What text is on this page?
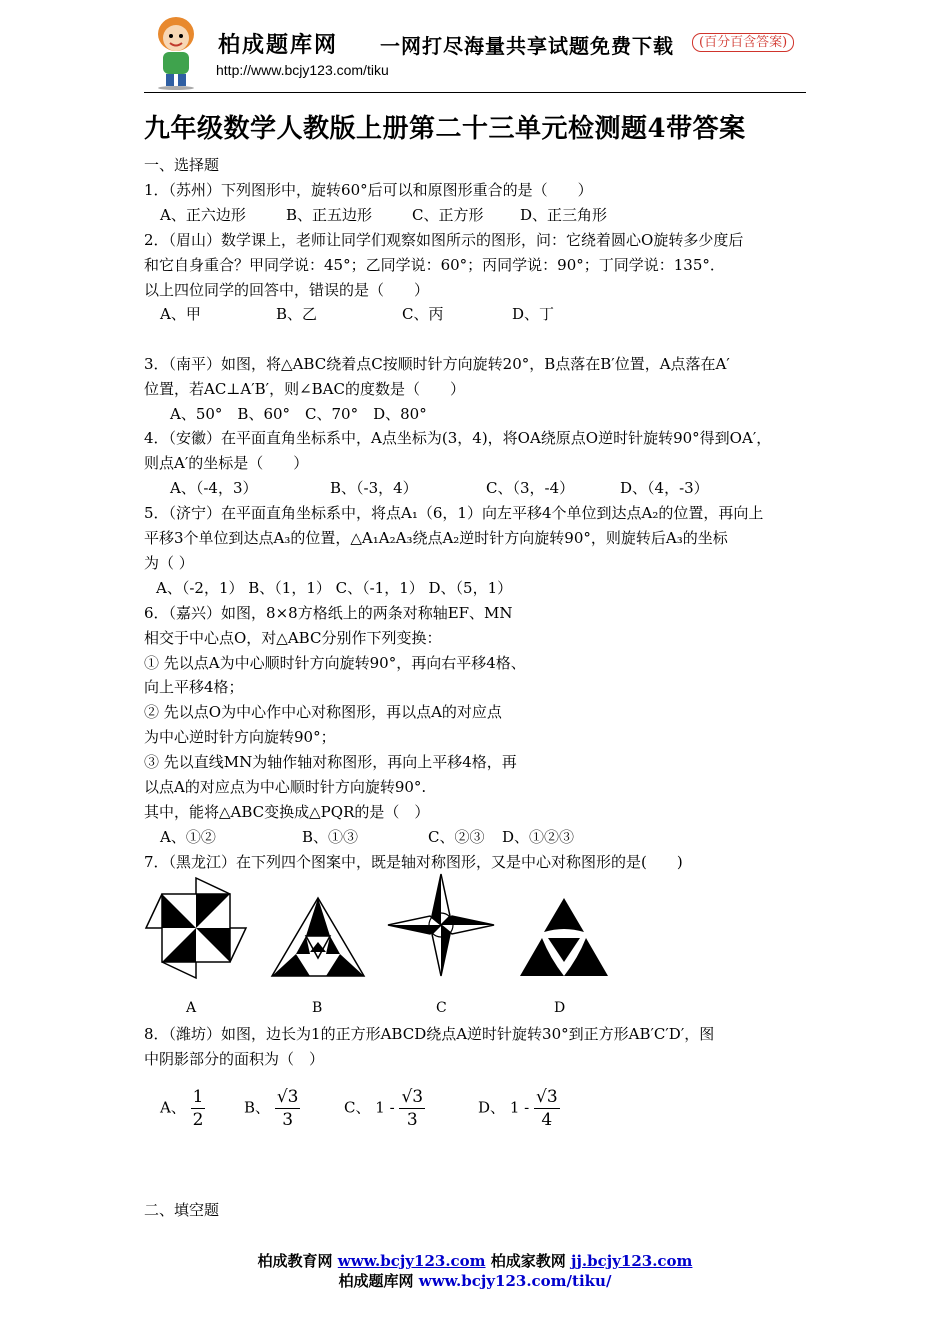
柏成题库网 一网打尽海量共享试题免费下载	(百分百含答案)
http://www.bcjy123.com/tiku
九年级数学人教版上册第二十三单元检测题4带答案
一、选择题
1．（苏州）下列图形中，旋转60°后可以和原图形重合的是（　　）
A、正六边形	B、正五边形	C、正方形 D、正三角形
2．（眉山）数学课上，老师让同学们观察如图所示的图形，问：它绕着圆心O旋转多少度后
和它自身重合？甲同学说：45°；乙同学说：60°；丙同学说：90°；丁同学说：135°．
以上四位同学的回答中，错误的是（　　）
A、甲	B、乙	C、丙	D、丁
3．（南平）如图，将△ABC绕着点C按顺时针方向旋转20°，B点落在B′位置，A点落在A′
位置，若AC⊥A′B′，则∠BAC的度数是（　　）
A、50°　B、60°　C、70°　D、80°
4．（安徽）在平面直角坐标系中，A点坐标为(3，4)，将OA绕原点O逆时针旋转90°得到OA′，
则点A′的坐标是（　　）
A、（-4，3）	B、（-3，4）	C、（3，-4）	D、（4，-3）
5．（济宁）在平面直角坐标系中，将点A₁（6，1）向左平移4个单位到达点A₂的位置，再向上
平移3个单位到达点A₃的位置，△A₁A₂A₃绕点A₂逆时针方向旋转90°，则旋转后A₃的坐标
为（ ）
A、（-2，1） B、（1，1） C、（-1，1） D、（5，1）
6．（嘉兴）如图，8×8方格纸上的两条对称轴EF、MN
相交于中心点O，对△ABC分别作下列变换：
① 先以点A为中心顺时针方向旋转90°，再向右平移4格、
向上平移4格；
② 先以点O为中心作中心对称图形，再以点A的对应点
为中心逆时针方向旋转90°；
③ 先以直线MN为轴作轴对称图形，再向上平移4格，再
以点A的对应点为中心顺时针方向旋转90°.
其中，能将△ABC变换成△PQR的是（　）
A、①②	B、①③	C、②③ D、①②③
7．（黑龙江）在下列四个图案中，既是轴对称图形，又是中心对称图形的是(　　)
A	B	C	D
8．（潍坊）如图，边长为1的正方形ABCD绕点A逆时针旋转30°到正方形AB′C′D′，图
中阴影部分的面积为（　）
A、 $\frac{1}{2}$	B、 $\frac{√3}{3}$	C、 $1 - \frac{√3}{3}$	D、 $1 - \frac{√3}{4}$
二、填空题
柏成教育网 www.bcjy123.com 柏成家教网 jj.bcjy123.com
柏成题库网 www.bcjy123.com/tiku/
